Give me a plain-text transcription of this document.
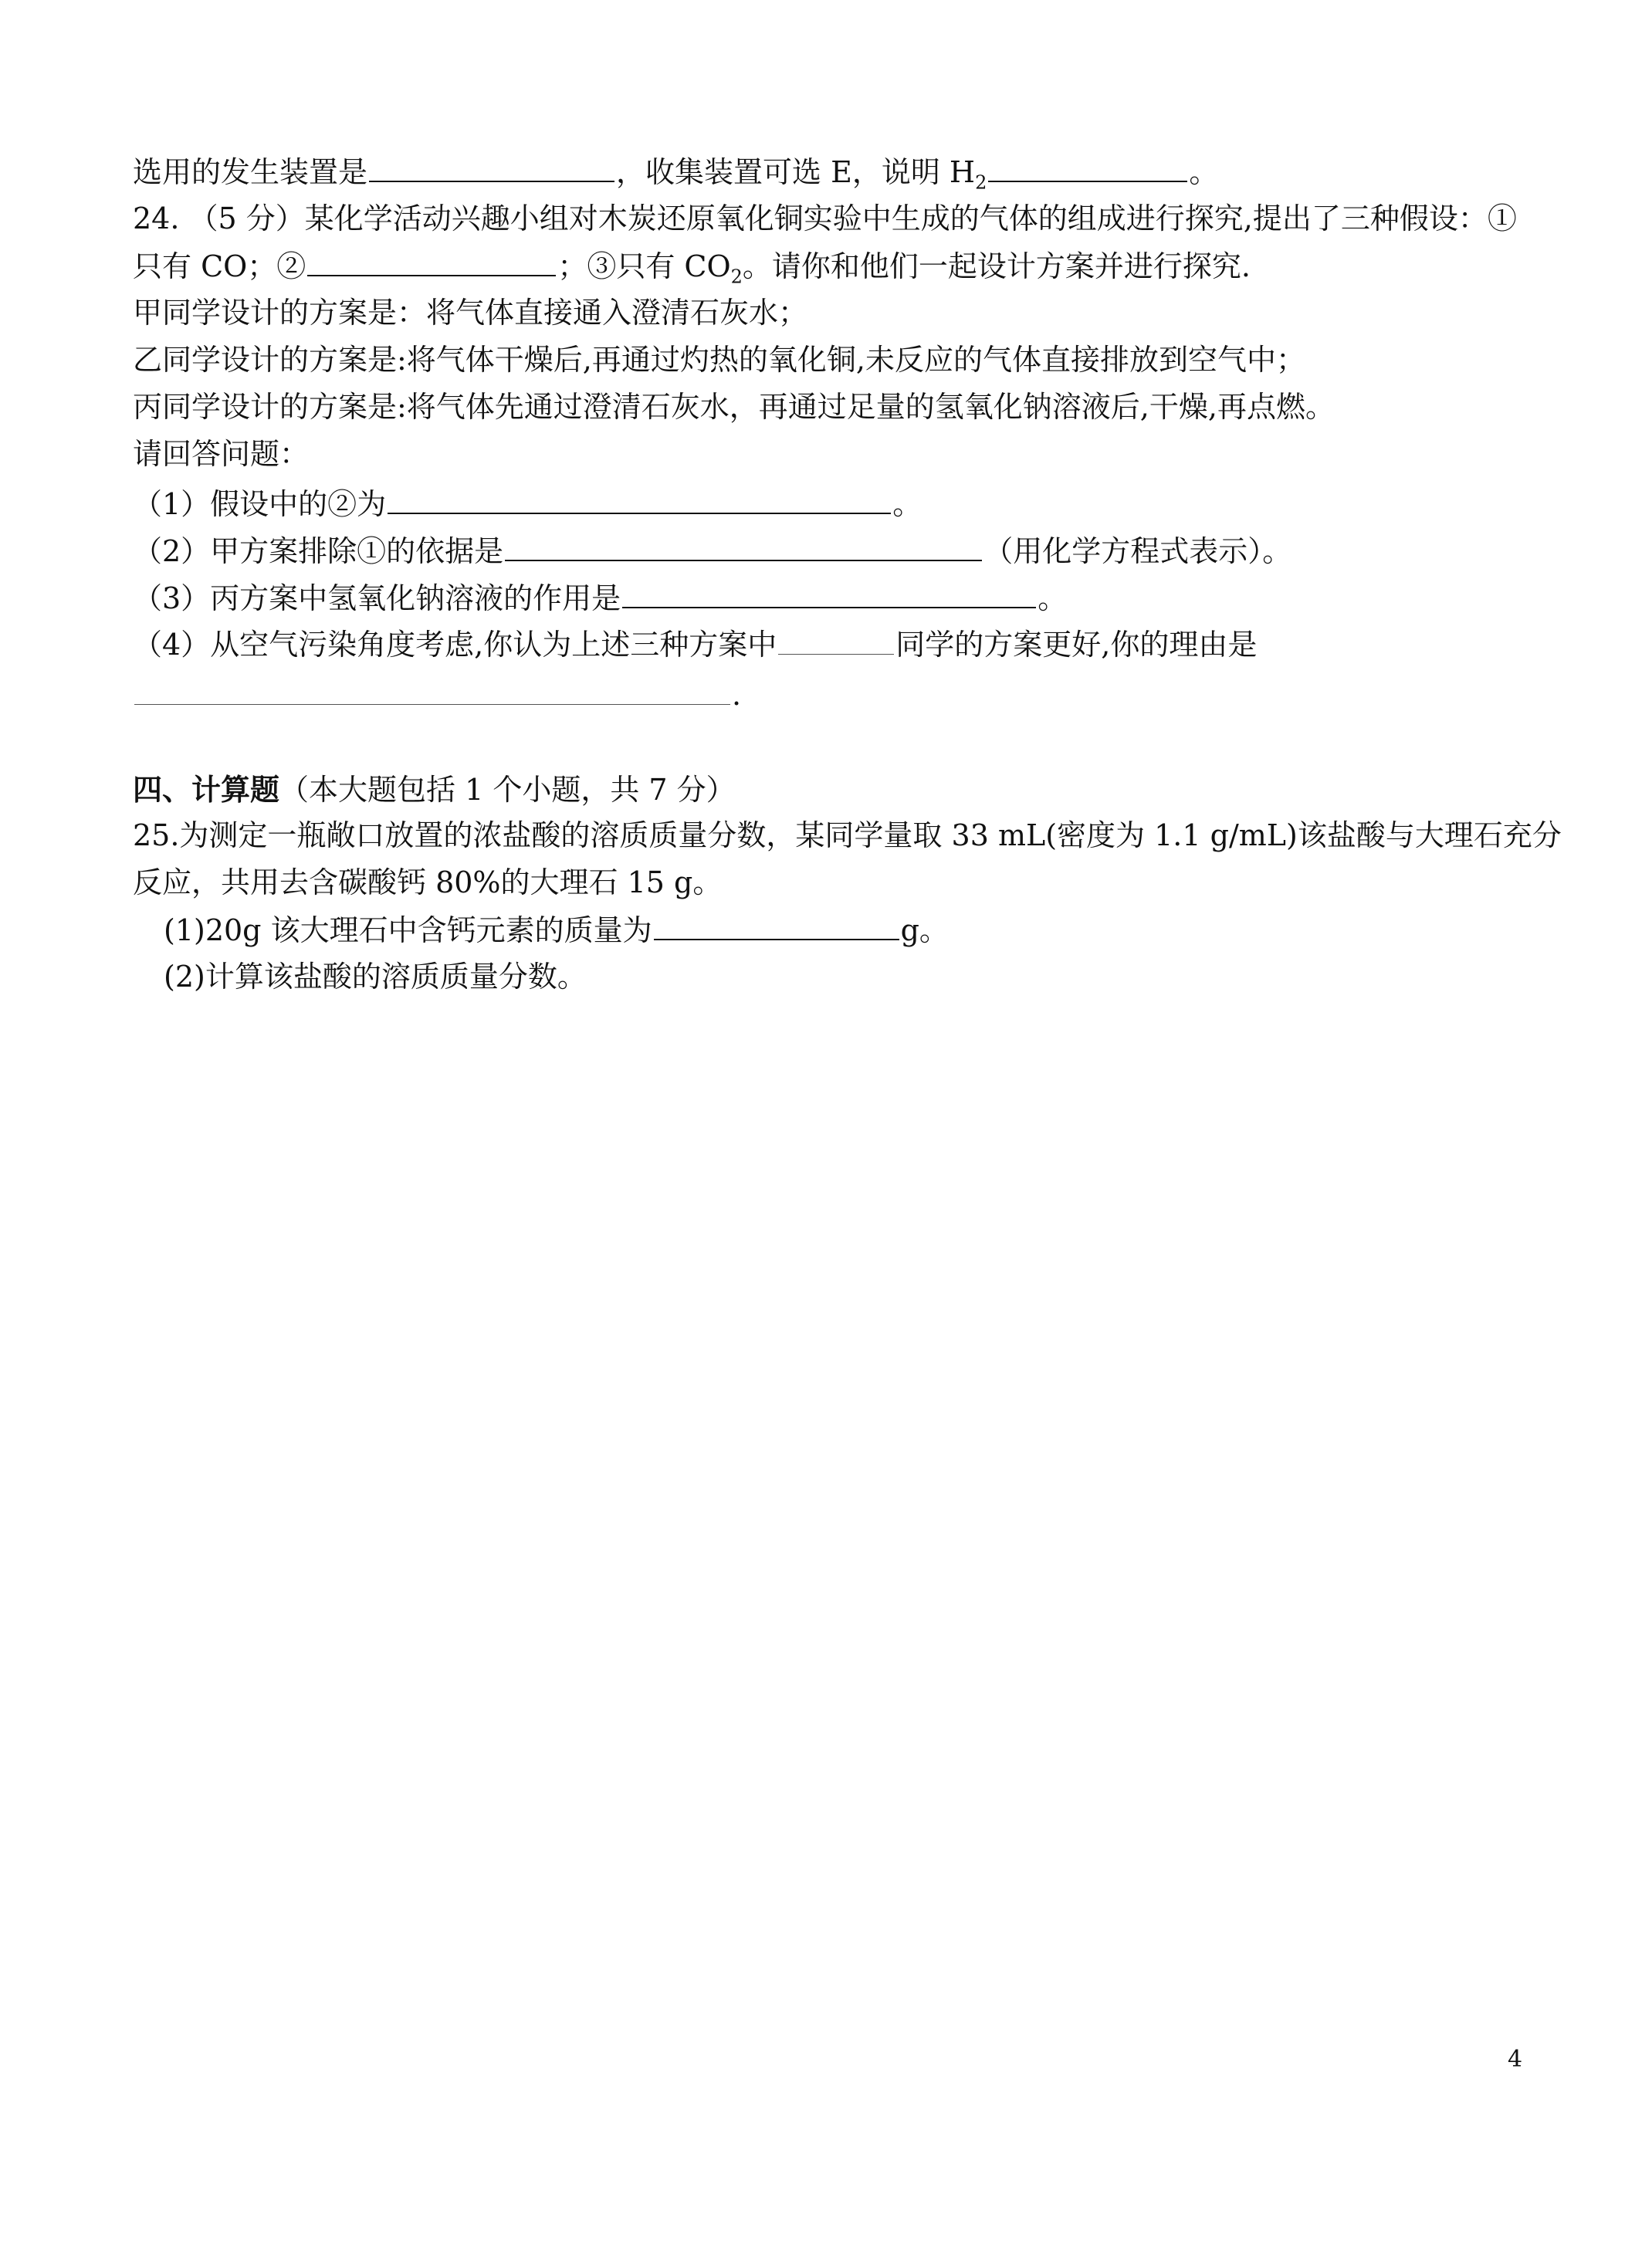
选用的发生装置是	，收集装置可选 E，说明 $H_2$	。
24. （5 分）某化学活动兴趣小组对木炭还原氧化铜实验中生成的气体的组成进行探究,提出了三种假设：①
只有 CO；②	；③只有 $CO_2$。请你和他们一起设计方案并进行探究.
甲同学设计的方案是：将气体直接通入澄清石灰水；
乙同学设计的方案是:将气体干燥后,再通过灼热的氧化铜,未反应的气体直接排放到空气中；
丙同学设计的方案是:将气体先通过澄清石灰水，再通过足量的氢氧化钠溶液后,干燥,再点燃。
请回答问题：
（1）假设中的②为	。
（2）甲方案排除①的依据是	（用化学方程式表示）。
（3）丙方案中氢氧化钠溶液的作用是	。
（4）从空气污染角度考虑,你认为上述三种方案中	同学的方案更好,你的理由是
.
四、计算题（本大题包括 1 个小题，共 7 分）
25.为测定一瓶敞口放置的浓盐酸的溶质质量分数，某同学量取 33 mL(密度为 1.1 g/mL)该盐酸与大理石充分
反应，共用去含碳酸钙 80%的大理石 15 g。
(1)20g 该大理石中含钙元素的质量为	g。
(2)计算该盐酸的溶质质量分数。
4
